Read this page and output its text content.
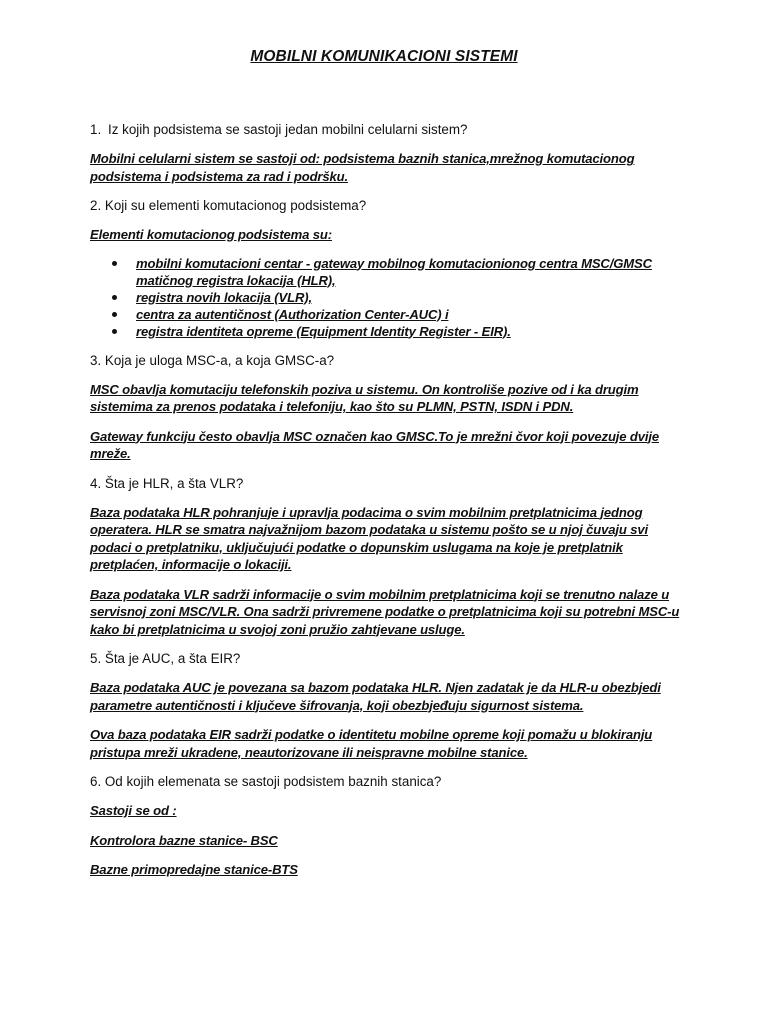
MOBILNI KOMUNIKACIONI SISTEMI

1. Iz kojih podsistema se sastoji jedan mobilni celularni sistem?

Mobilni celularni sistem se sastoji od: podsistema baznih stanica,mrežnog komutacionog podsistema i podsistema za rad i podršku.

2. Koji su elementi komutacionog podsistema?

Elementi komutacionog podsistema su:

mobilni komutacioni centar - gateway mobilnog komutacionionog centra MSC/GMSC
matičnog registra lokacija (HLR),
registra novih lokacija (VLR),
centra za autentičnost (Authorization Center-AUC) i
registra identiteta opreme (Equipment Identity Register - EIR).

3. Koja je uloga MSC-a, a koja GMSC-a?

MSC obavlja komutaciju telefonskih poziva u sistemu. On kontroliše pozive od i ka drugim sistemima za prenos podataka i telefoniju, kao što su PLMN, PSTN, ISDN i PDN.

Gateway funkciju često obavlja MSC označen kao GMSC.To je mrežni čvor koji povezuje dvije mreže.

4. Šta je HLR, a šta VLR?

Baza podataka HLR pohranjuje i upravlja podacima o svim mobilnim pretplatnicima jednog operatera. HLR se smatra najvažnijom bazom podataka u sistemu pošto se u njoj čuvaju svi podaci o pretplatniku, uključujući podatke o dopunskim uslugama na koje je pretplatnik pretplaćen, informacije o lokaciji.

Baza podataka VLR sadrži informacije o svim mobilnim pretplatnicima koji se trenutno nalaze u servisnoj zoni MSC/VLR. Ona sadrži privremene podatke o pretplatnicima koji su potrebni MSC-u kako bi pretplatnicima u svojoj zoni pružio zahtjevane usluge.

5. Šta je AUC, a šta EIR?

Baza podataka AUC je povezana sa bazom podataka HLR. Njen zadatak je da HLR-u obezbjedi parametre autentičnosti i ključeve šifrovanja, koji obezbjeđuju sigurnost sistema.

Ova baza podataka EIR sadrži podatke o identitetu mobilne opreme koji pomažu u blokiranju pristupa mreži ukradene, neautorizovane ili neispravne mobilne stanice.

6. Od kojih elemenata se sastoji podsistem baznih stanica?

Sastoji se od :

Kontrolora bazne stanice- BSC

Bazne primopredajne stanice-BTS
